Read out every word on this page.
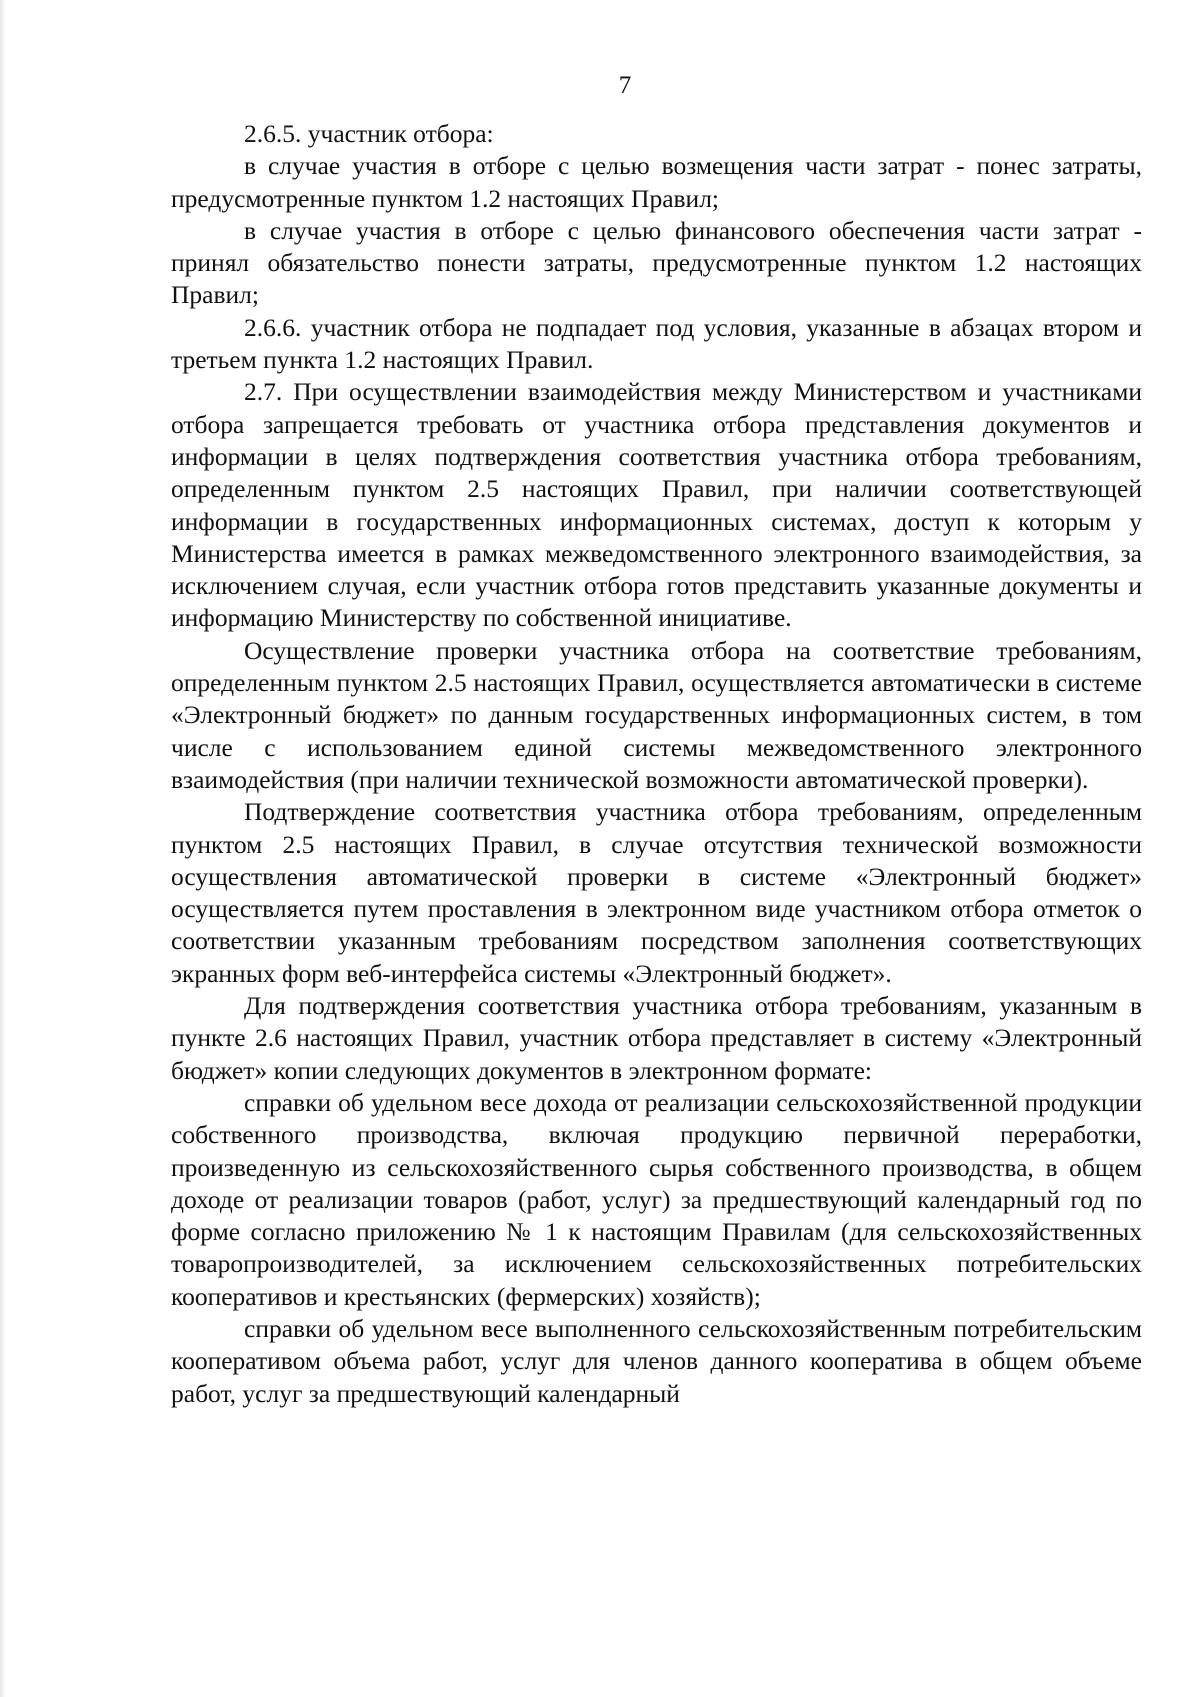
7

2.6.5. участник отбора:

в случае участия в отборе с целью возмещения части затрат - понес затраты, предусмотренные пунктом 1.2 настоящих Правил;

в случае участия в отборе с целью финансового обеспечения части затрат - принял обязательство понести затраты, предусмотренные пунктом 1.2 настоящих Правил;

2.6.6. участник отбора не подпадает под условия, указанные в абзацах втором и третьем пункта 1.2 настоящих Правил.

2.7. При осуществлении взаимодействия между Министерством и участниками отбора запрещается требовать от участника отбора представления документов и информации в целях подтверждения соответствия участника отбора требованиям, определенным пунктом 2.5 настоящих Правил, при наличии соответствующей информации в государственных информационных системах, доступ к которым у Министерства имеется в рамках межведомственного электронного взаимодействия, за исключением случая, если участник отбора готов представить указанные документы и информацию Министерству по собственной инициативе.

Осуществление проверки участника отбора на соответствие требованиям, определенным пунктом 2.5 настоящих Правил, осуществляется автоматически в системе «Электронный бюджет» по данным государственных информационных систем, в том числе с использованием единой системы межведомственного электронного взаимодействия (при наличии технической возможности автоматической проверки).

Подтверждение соответствия участника отбора требованиям, определенным пунктом 2.5 настоящих Правил, в случае отсутствия технической возможности осуществления автоматической проверки в системе «Электронный бюджет» осуществляется путем проставления в электронном виде участником отбора отметок о соответствии указанным требованиям посредством заполнения соответствующих экранных форм веб-интерфейса системы «Электронный бюджет».

Для подтверждения соответствия участника отбора требованиям, указанным в пункте 2.6 настоящих Правил, участник отбора представляет в систему «Электронный бюджет» копии следующих документов в электронном формате:

справки об удельном весе дохода от реализации сельскохозяйственной продукции собственного производства, включая продукцию первичной переработки, произведенную из сельскохозяйственного сырья собственного производства, в общем доходе от реализации товаров (работ, услуг) за предшествующий календарный год по форме согласно приложению № 1 к настоящим Правилам (для сельскохозяйственных товаропроизводителей, за исключением сельскохозяйственных потребительских кооперативов и крестьянских (фермерских) хозяйств);

справки об удельном весе выполненного сельскохозяйственным потребительским кооперативом объема работ, услуг для членов данного кооператива в общем объеме работ, услуг за предшествующий календарный
